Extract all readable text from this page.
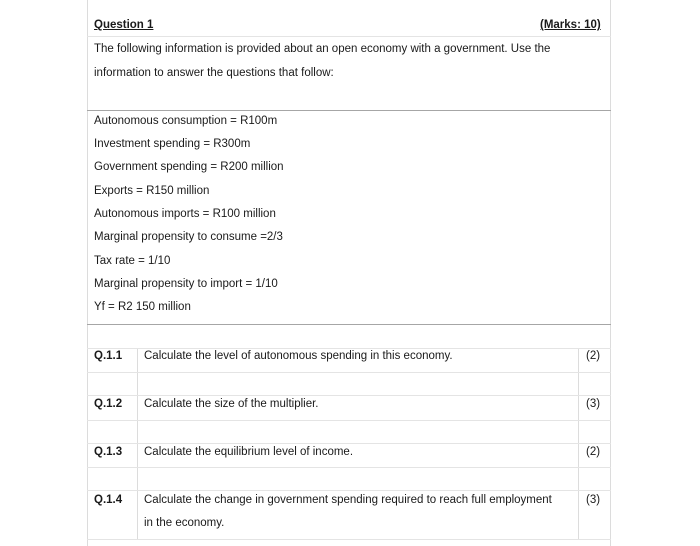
Question 1	(Marks: 10)
The following information is provided about an open economy with a government. Use the
information to answer the questions that follow:
Autonomous consumption = R100m
Investment spending = R300m
Government spending = R200 million
Exports = R150 million
Autonomous imports = R100 million
Marginal propensity to consume =2/3
Tax rate = 1/10
Marginal propensity to import = 1/10
Yf = R2 150 million
Q.1.1 Calculate the level of autonomous spending in this economy.	(2)
Q.1.2 Calculate the size of the multiplier.	(3)
Q.1.3 Calculate the equilibrium level of income.	(2)
Q.1.4 Calculate the change in government spending required to reach full employment
in the economy.
(3)
